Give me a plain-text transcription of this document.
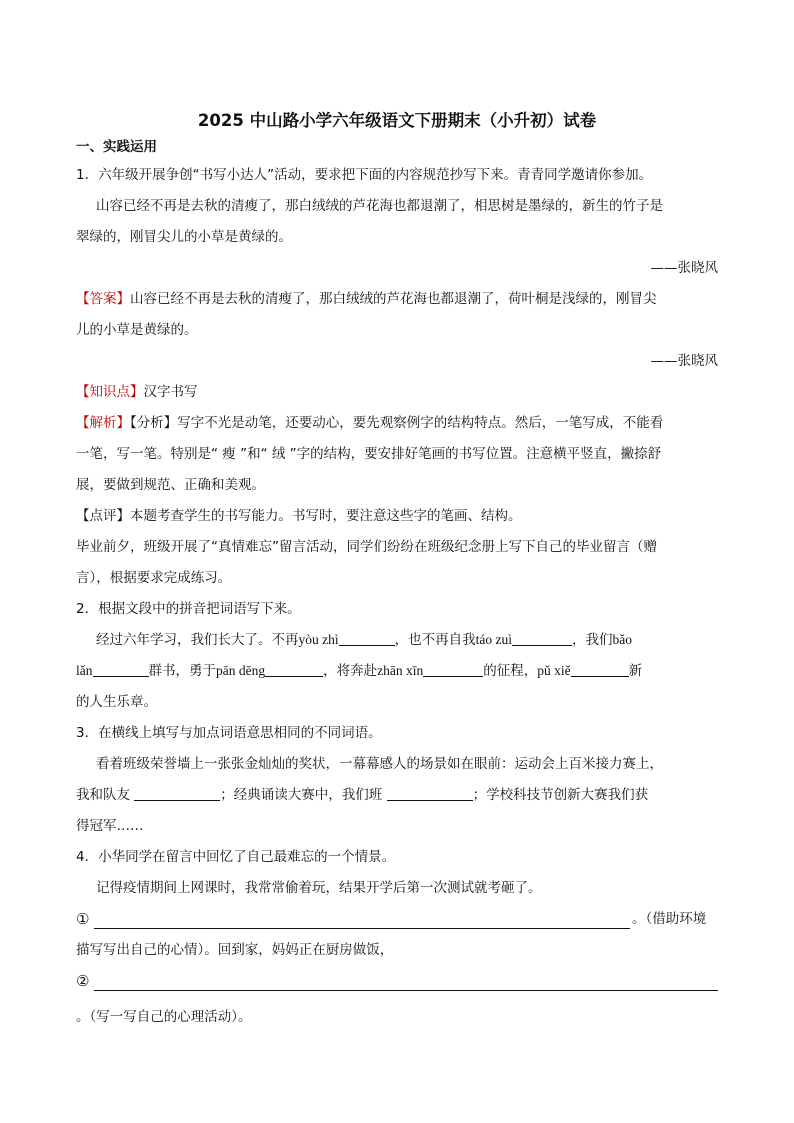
2025 中山路小学六年级语文下册期末（小升初）试卷
一、实践运用
1．六年级开展争创“书写小达人”活动，要求把下面的内容规范抄写下来。青青同学邀请你参加。
山容已经不再是去秋的清瘦了，那白绒绒的芦花海也都退潮了，相思树是墨绿的，新生的竹子是
翠绿的，刚冒尖儿的小草是黄绿的。
——张晓风
【答案】山容已经不再是去秋的清瘦了，那白绒绒的芦花海也都退潮了，荷叶桐是浅绿的，刚冒尖
儿的小草是黄绿的。
——张晓风
【知识点】汉字书写
【解析】【分析】写字不光是动笔，还要动心，要先观察例字的结构特点。然后，一笔写成，不能看
一笔，写一笔。特别是“ 瘦 ”和“ 绒 ”字的结构，要安排好笔画的书写位置。注意横平竖直，撇捺舒
展，要做到规范、正确和美观。
【点评】本题考查学生的书写能力。书写时，要注意这些字的笔画、结构。
毕业前夕，班级开展了“真情难忘”留言活动，同学们纷纷在班级纪念册上写下自己的毕业留言（赠
言），根据要求完成练习。
2．根据文段中的拼音把词语写下来。
经过六年学习，我们长大了。不再yòu zhì	，也不再自我táo zuì	，我们bǎo
lǎn	群书，勇于pān dēng	，将奔赴zhān xīn	的征程，pǔ xiě	新
的人生乐章。
3．在横线上填写与加点词语意思相同的不同词语。
看着班级荣誉墙上一张张金灿灿的奖状，一幕幕感人的场景如在眼前：运动会上百米接力赛上，
我和队友	；经典诵读大赛中，我们班	；学校科技节创新大赛我们获
得冠军……
4．小华同学在留言中回忆了自己最难忘的一个情景。
记得疫情期间上网课时，我常常偷着玩，结果开学后第一次测试就考砸了。
①	。（借助环境
描写写出自己的心情）。回到家，妈妈正在厨房做饭，
②
。（写一写自己的心理活动）。
